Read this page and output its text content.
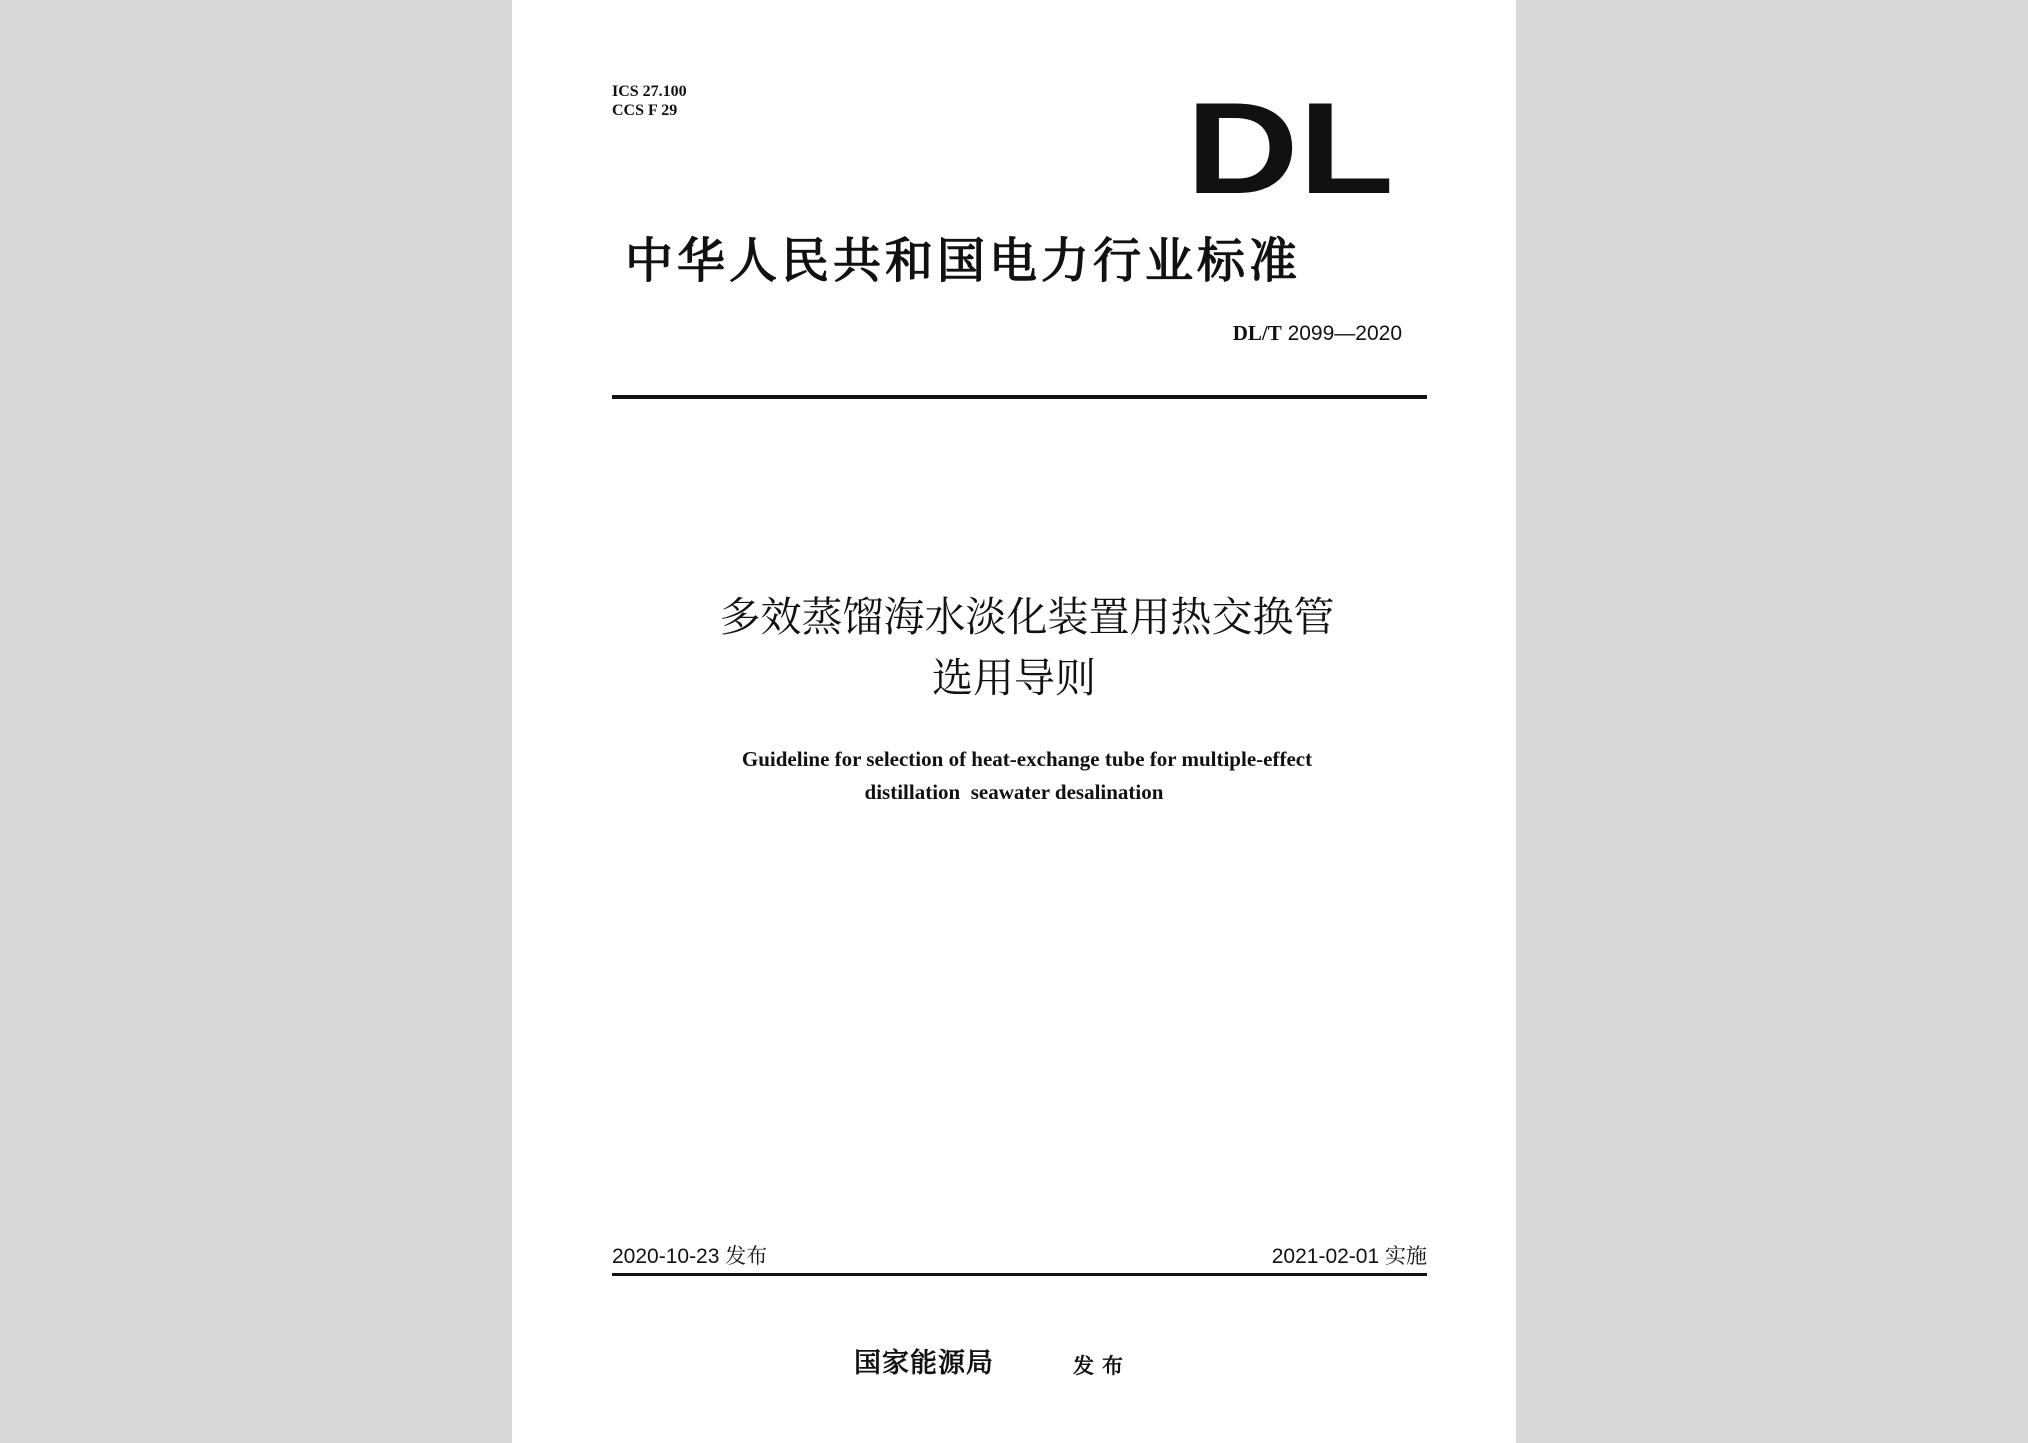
ICS 27.100
CCS F 29	DL
中华人民共和国电力行业标准
DL/T 2099—2020
多效蒸馏海水淡化装置用热交换管
选用导则
Guideline for selection of heat-exchange tube for multiple-effect
distillation  seawater desalination
2020-10-23 发布	2021-02-01 实施
国家能源局	发布
